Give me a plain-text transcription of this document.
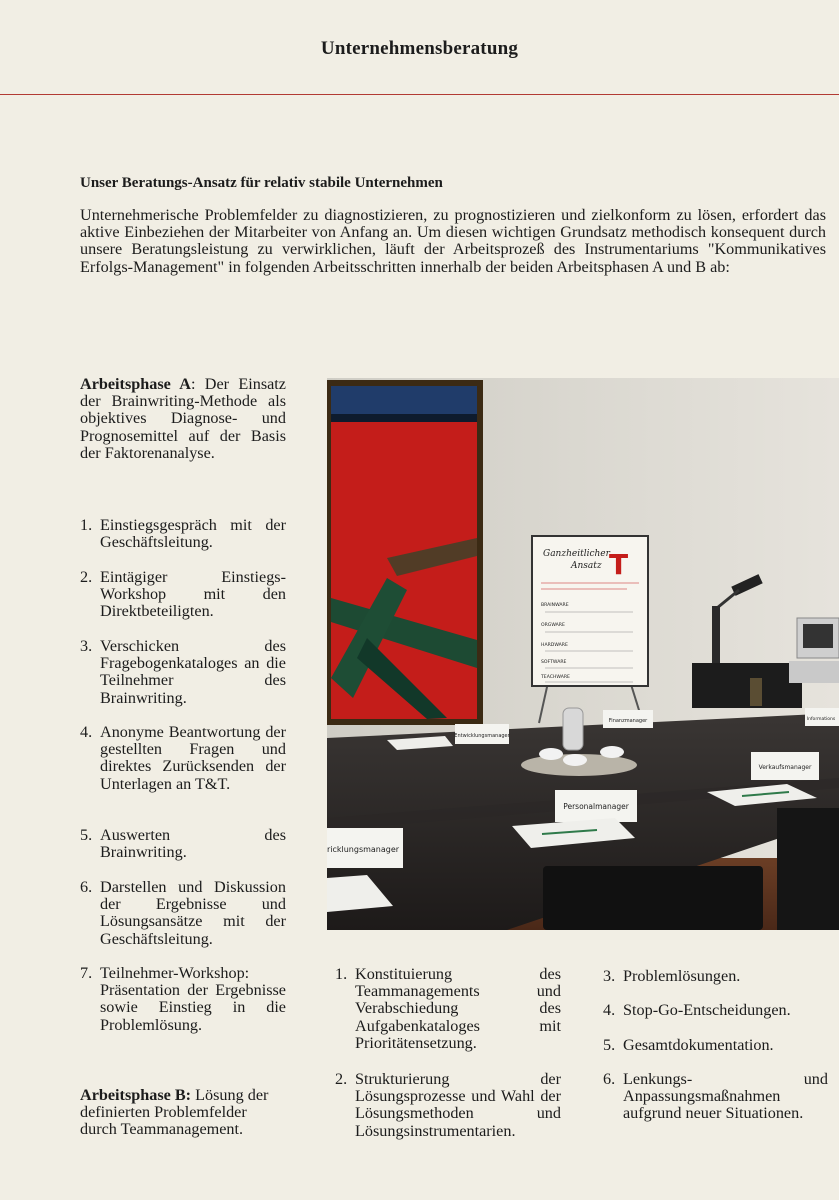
Unternehmensberatung
Unser Beratungs-Ansatz für relativ stabile Unternehmen
Unternehmerische Problemfelder zu diagnostizieren, zu prognostizieren und zielkonform zu lösen, erfordert das aktive Einbeziehen der Mitarbeiter von Anfang an. Um diesen wichtigen Grundsatz methodisch konsequent durch unsere Beratungsleistung zu verwirklichen, läuft der Arbeitsprozeß des Instrumentariums "Kommunikatives Erfolgs-Management" in folgenden Arbeitsschritten innerhalb der beiden Arbeitsphasen A und B ab:
Arbeitsphase A: Der Einsatz der Brainwriting-Methode als objektives Diagnose- und Prognosemittel auf der Basis der Faktorenanalyse.
1. Einstiegsgespräch mit der Geschäftsleitung.
2. Eintägiger Einstiegs-Workshop mit den Direktbeteiligten.
3. Verschicken des Fragebogenkataloges an die Teilnehmer des Brainwriting.
4. Anonyme Beantwortung der gestellten Fragen und direktes Zurücksenden der Unterlagen an T&T.
5. Auswerten des Brainwriting.
6. Darstellen und Diskussion der Ergebnisse und Lösungsansätze mit der Geschäftsleitung.
7. Teilnehmer-Workshop: Präsentation der Ergebnisse sowie Einstieg in die Problemlösung.
Arbeitsphase B: Lösung der definierten Problemfelder durch Teammanagement.
1. Konstituierung des Teammanagements und Verabschiedung des Aufgabenkataloges mit Prioritätensetzung.
2. Strukturierung der Lösungsprozesse und Wahl der Lösungsmethoden und Lösungsinstrumentarien.
3. Problemlösungen.
4. Stop-Go-Entscheidungen.
5. Gesamtdokumentation.
6. Lenkungs- und Anpassungsmaßnahmen aufgrund neuer Situationen.
Ganzheitlicher
Ansatz T
BRAINWARE
ORGWARE
HARDWARE
SOFTWARE
TEACHWARE
Entwicklungsmanager
Finanzmanager
Verkaufsmanager
Personalmanager
ricklungsmanager
Informations
